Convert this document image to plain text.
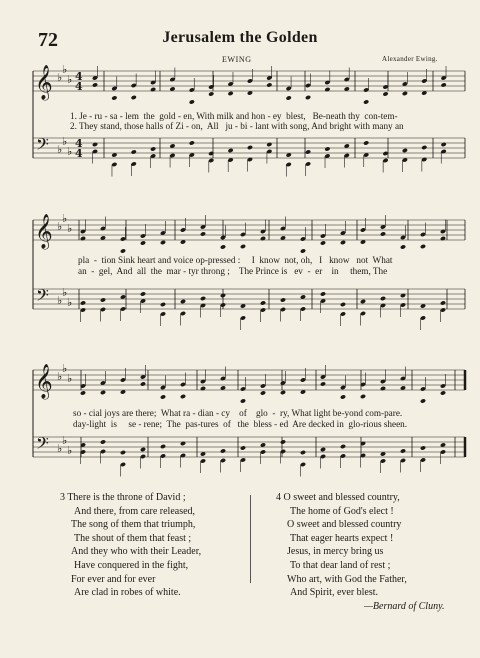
72	Jerusalem the Golden
EWING	Alexander Ewing.
𝄞
𝄢
♭
♭
♭
♭
♭
♭
4
4
4
4
𝄞
𝄢
♭
♭
♭
♭
♭
♭
𝄞
𝄢
♭
♭
♭
♭
♭
♭
1. Je - ru - sa - lem  the  gold - en, With milk and hon - ey  blest,   Be-neath thy  con-tem-
2. They stand, those halls of Zi - on,  All   ju - bi - lant with song, And bright with many an
pla  -  tion Sink heart and voice op-pressed :     I  know  not, oh,   I   know   not  What
an  -  gel,  And  all  the  mar - tyr throng ;    The Prince is   ev  -  er    in     them, The
so - cial joys are there;  What ra - dian - cy    of    glo  -  ry, What light be-yond com-pare.
day-light  is     se - rene;  The  pas-tures  of   the  bless - ed  Are decked in  glo-rious sheen.
3 There is the throne of David ;
And there, from care released,
The song of them that triumph,
The shout of them that feast ;
And they who with their Leader,
Have conquered in the fight,
For ever and for ever
Are clad in robes of white.
4 O sweet and blessed country,
The home of God's elect !
O sweet and blessed country
That eager hearts expect !
Jesus, in mercy bring us
To that dear land of rest ;
Who art, with God the Father,
And Spirit, ever blest.
—Bernard of Cluny.
